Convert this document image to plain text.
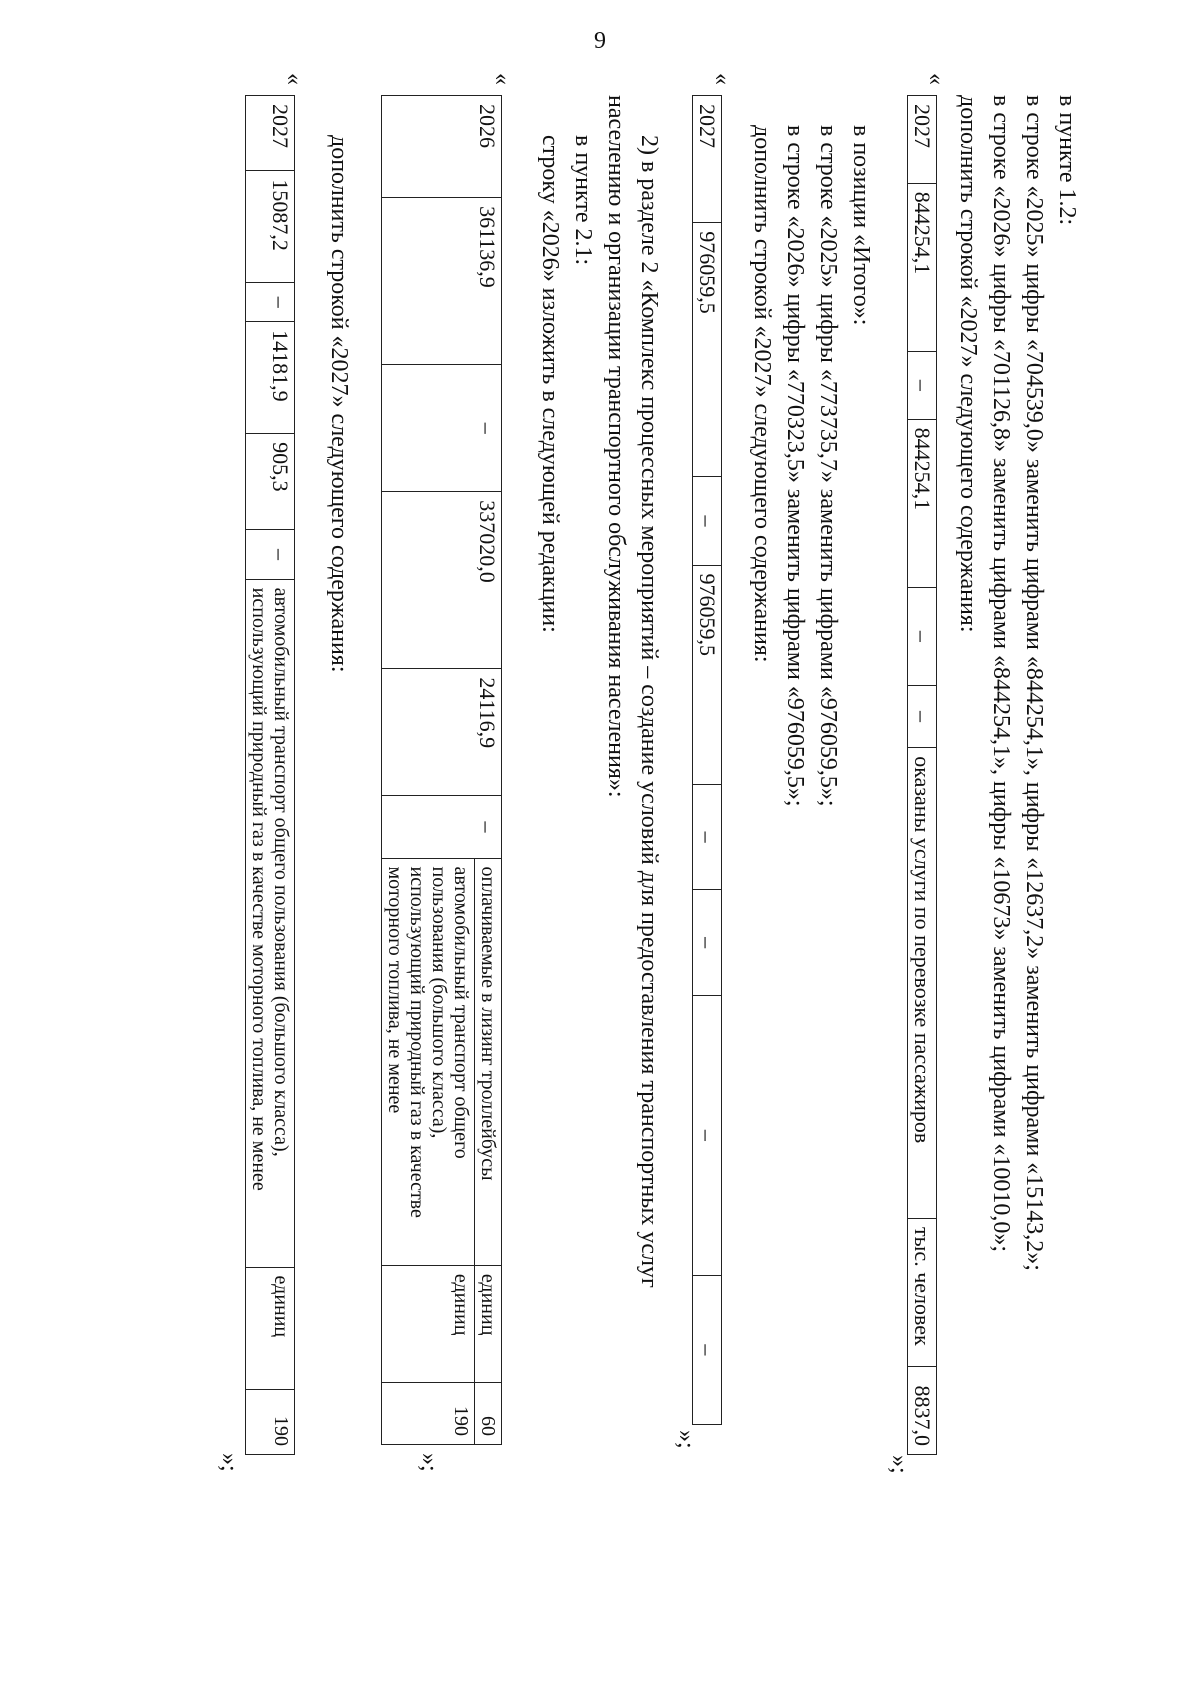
9
в пункте 1.2:
в строке «2025» цифры «704539,0» заменить цифрами «844254,1», цифры «12637,2» заменить цифрами «15143,2»;
в строке «2026» цифры «701126,8» заменить цифрами «844254,1», цифры «10673» заменить цифрами «10010,0»;
дополнить строкой «2027» следующего содержания:
«
2027	844254,1	–	844254,1	–	–	оказаны услуги по перевозке пассажиров	тыс. человек	8837,0
»;
в позиции «Итого»:
в строке «2025» цифры «773735,7» заменить цифрами «976059,5»;
в строке «2026» цифры «770323,5» заменить цифрами «976059,5»;
дополнить строкой «2027» следующего содержания:
«
2027	976059,5	–	976059,5	–	–	–	–
»;
2) в разделе 2 «Комплекс процессных мероприятий – создание условий для предоставления транспортных услуг
населению и организации транспортного обслуживания населения»:
в пункте 2.1:
строку «2026» изложить в следующей редакции:
«
2026	361136,9	–	337020,0	24116,9	–	оплачиваемые в лизинг троллейбусы	единиц	60
						автомобильный транспорт общего пользования (большого класса), использующий природный газ в качестве моторного топлива, не менее	единиц	190
»;
дополнить строкой «2027» следующего содержания:
«
2027	15087,2	–	14181,9	905,3	–	автомобильный транспорт общего пользования (большого класса), использующий природный газ в качестве моторного топлива, не менее	единиц	190
»;
